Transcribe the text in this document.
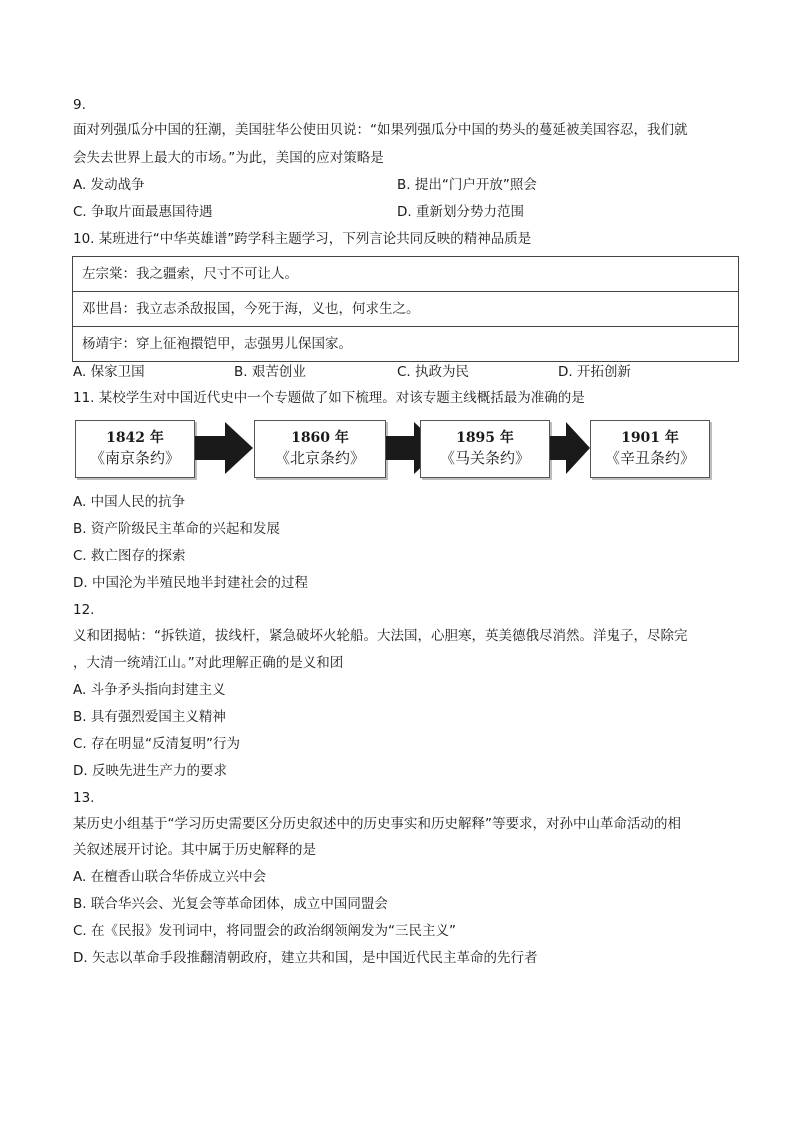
9.
面对列强瓜分中国的狂潮，美国驻华公使田贝说：“如果列强瓜分中国的势头的蔓延被美国容忍，我们就
会失去世界上最大的市场。”为此，美国的应对策略是
A. 发动战争	B. 提出“门户开放”照会
C. 争取片面最惠国待遇	D. 重新划分势力范围
10. 某班进行“中华英雄谱”跨学科主题学习，下列言论共同反映的精神品质是
左宗棠：我之疆索，尺寸不可让人。
邓世昌：我立志杀敌报国，今死于海，义也，何求生之。
杨靖宇：穿上征袍擐铠甲，志强男儿保国家。
A. 保家卫国	B. 艰苦创业	C. 执政为民	D. 开拓创新
11. 某校学生对中国近代史中一个专题做了如下梳理。对该专题主线概括最为准确的是
1842 年
《南京条约》
1860 年
《北京条约》
1895 年
《马关条约》
1901 年
《辛丑条约》
A. 中国人民的抗争
B. 资产阶级民主革命的兴起和发展
C. 救亡图存的探索
D. 中国沦为半殖民地半封建社会的过程
12.
义和团揭帖：“拆铁道，拔线杆，紧急破坏火轮船。大法国，心胆寒，英美德俄尽消然。洋鬼子，尽除完
，大清一统靖江山。”对此理解正确的是义和团
A. 斗争矛头指向封建主义
B. 具有强烈爱国主义精神
C. 存在明显“反清复明”行为
D. 反映先进生产力的要求
13.
某历史小组基于“学习历史需要区分历史叙述中的历史事实和历史解释”等要求，对孙中山革命活动的相
关叙述展开讨论。其中属于历史解释的是
A. 在檀香山联合华侨成立兴中会
B. 联合华兴会、光复会等革命团体，成立中国同盟会
C. 在《民报》发刊词中，将同盟会的政治纲领阐发为“三民主义”
D. 矢志以革命手段推翻清朝政府，建立共和国，是中国近代民主革命的先行者
